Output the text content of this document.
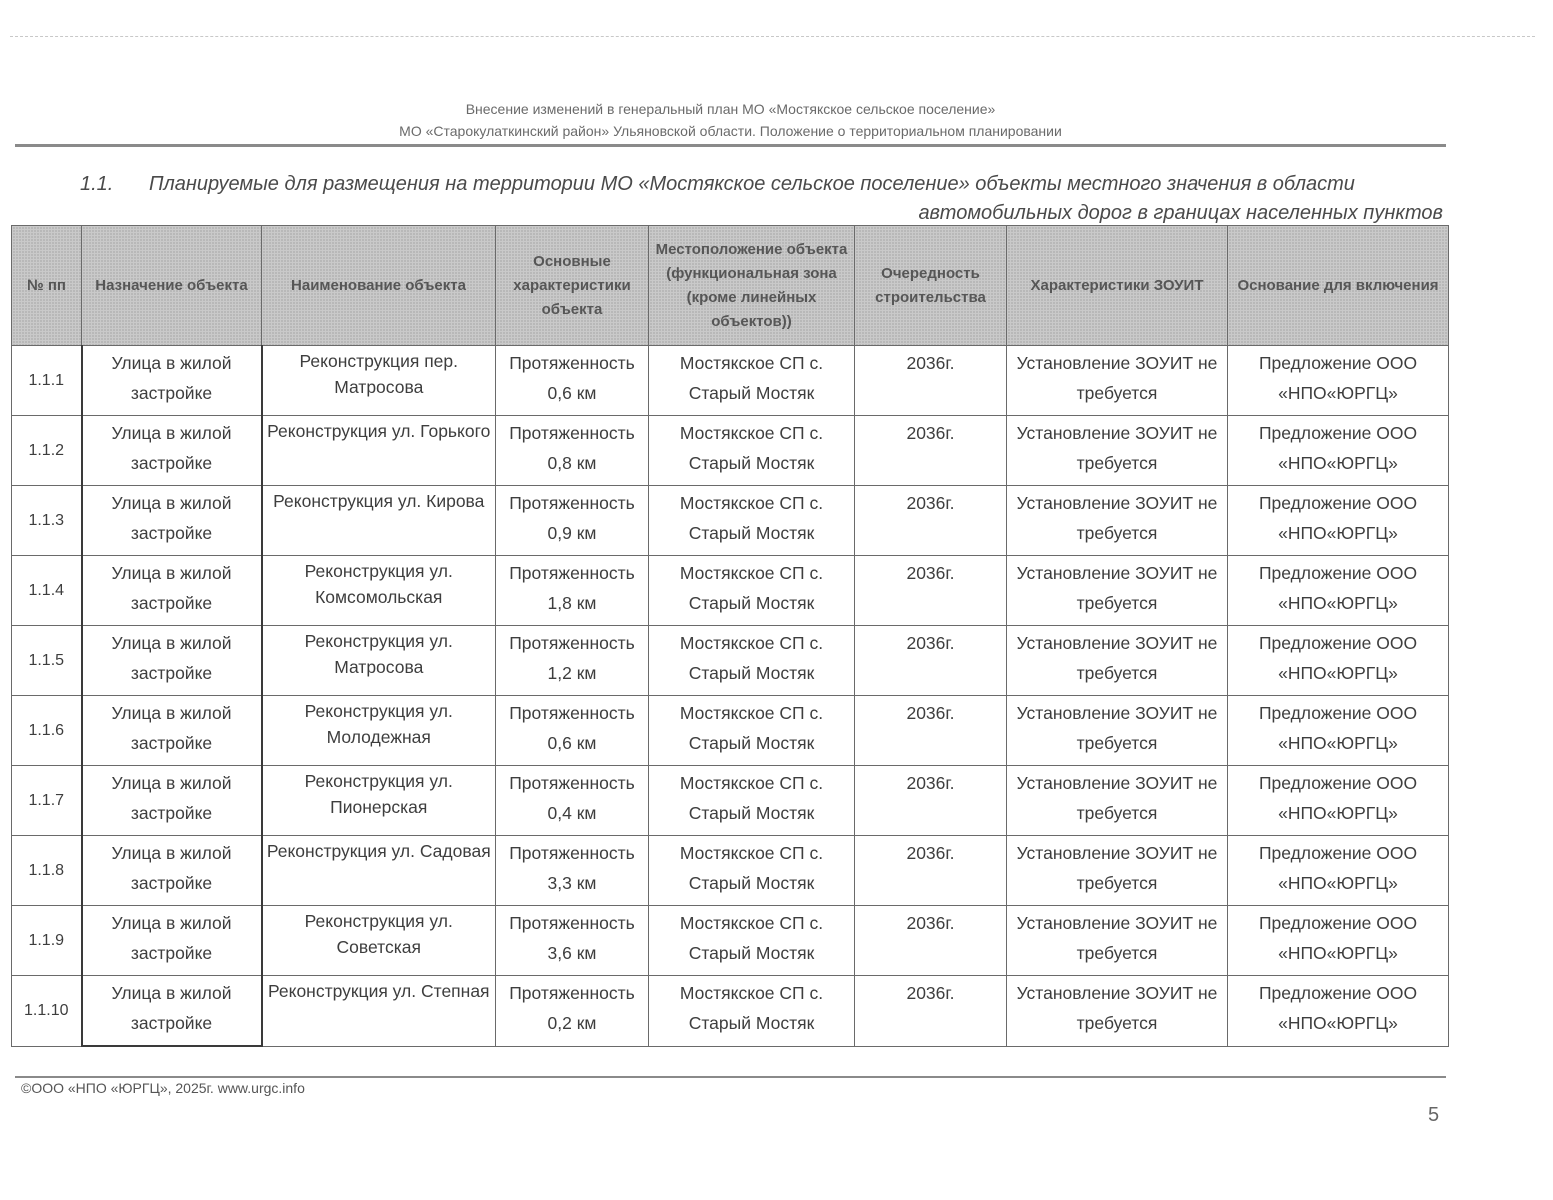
Внесение изменений в генеральный план МО «Мостякское сельское поселение»
МО «Старокулаткинский район» Ульяновской области. Положение о территориальном планировании
1.1. Планируемые для размещения на территории МО «Мостякское сельское поселение» объекты местного значения в области
автомобильных дорог в границах населенных пунктов
№ пп	Назначение объекта	Наименование объекта	Основные характеристики объекта	Местоположение объекта (функциональная зона (кроме линейных объектов))	Очередность строительства	Характеристики ЗОУИТ	Основание для включения
1.1.1	Улица в жилой застройке	Реконструкция пер. Матросова	Протяженность 0,6 км	Мостякское СП с. Старый Мостяк	2036г.	Установление ЗОУИТ не требуется	Предложение ООО «НПО«ЮРГЦ»
1.1.2	Улица в жилой застройке	Реконструкция ул. Горького	Протяженность 0,8 км	Мостякское СП с. Старый Мостяк	2036г.	Установление ЗОУИТ не требуется	Предложение ООО «НПО«ЮРГЦ»
1.1.3	Улица в жилой застройке	Реконструкция ул. Кирова	Протяженность 0,9 км	Мостякское СП с. Старый Мостяк	2036г.	Установление ЗОУИТ не требуется	Предложение ООО «НПО«ЮРГЦ»
1.1.4	Улица в жилой застройке	Реконструкция ул. Комсомольская	Протяженность 1,8 км	Мостякское СП с. Старый Мостяк	2036г.	Установление ЗОУИТ не требуется	Предложение ООО «НПО«ЮРГЦ»
1.1.5	Улица в жилой застройке	Реконструкция ул. Матросова	Протяженность 1,2 км	Мостякское СП с. Старый Мостяк	2036г.	Установление ЗОУИТ не требуется	Предложение ООО «НПО«ЮРГЦ»
1.1.6	Улица в жилой застройке	Реконструкция ул. Молодежная	Протяженность 0,6 км	Мостякское СП с. Старый Мостяк	2036г.	Установление ЗОУИТ не требуется	Предложение ООО «НПО«ЮРГЦ»
1.1.7	Улица в жилой застройке	Реконструкция ул. Пионерская	Протяженность 0,4 км	Мостякское СП с. Старый Мостяк	2036г.	Установление ЗОУИТ не требуется	Предложение ООО «НПО«ЮРГЦ»
1.1.8	Улица в жилой застройке	Реконструкция ул. Садовая	Протяженность 3,3 км	Мостякское СП с. Старый Мостяк	2036г.	Установление ЗОУИТ не требуется	Предложение ООО «НПО«ЮРГЦ»
1.1.9	Улица в жилой застройке	Реконструкция ул. Советская	Протяженность 3,6 км	Мостякское СП с. Старый Мостяк	2036г.	Установление ЗОУИТ не требуется	Предложение ООО «НПО«ЮРГЦ»
1.1.10	Улица в жилой застройке	Реконструкция ул. Степная	Протяженность 0,2 км	Мостякское СП с. Старый Мостяк	2036г.	Установление ЗОУИТ не требуется	Предложение ООО «НПО«ЮРГЦ»
©ООО «НПО «ЮРГЦ», 2025г. www.urgc.info
5
